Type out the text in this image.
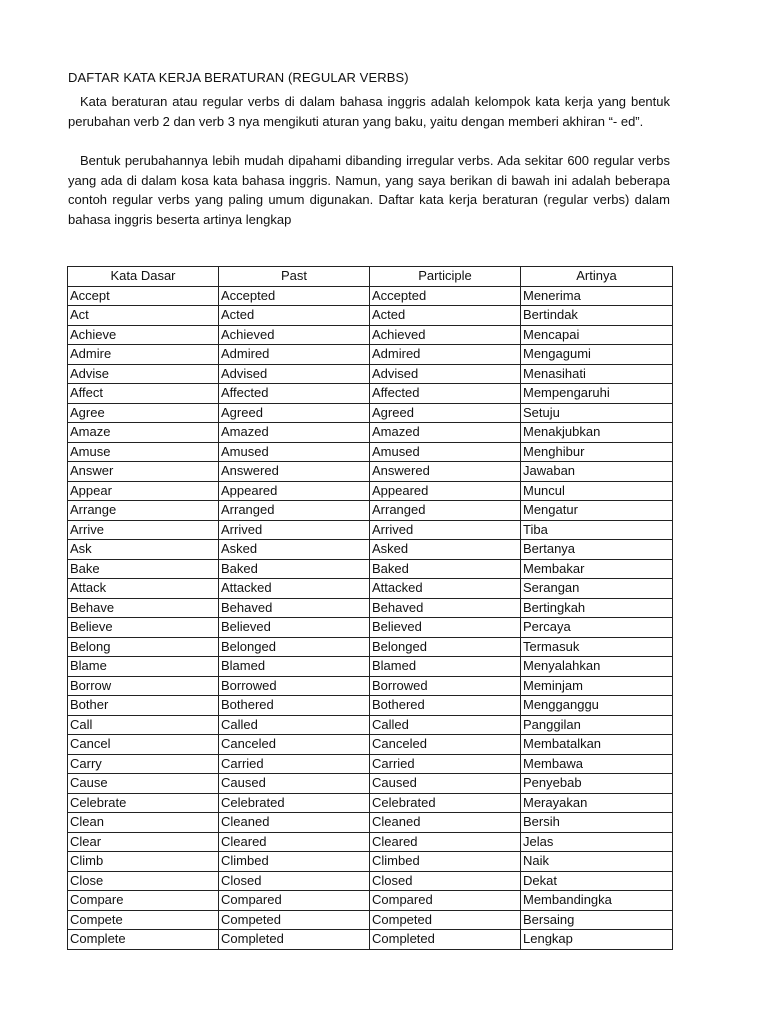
DAFTAR KATA KERJA BERATURAN (REGULAR VERBS)

Kata beraturan atau regular verbs di dalam bahasa inggris adalah kelompok kata kerja yang bentuk perubahan verb 2 dan verb 3 nya mengikuti aturan yang baku, yaitu dengan memberi akhiran “- ed”.

Bentuk perubahannya lebih mudah dipahami dibanding irregular verbs. Ada sekitar 600 regular verbs yang ada di dalam kosa kata bahasa inggris. Namun, yang saya berikan di bawah ini adalah beberapa contoh regular verbs yang paling umum digunakan. Daftar kata kerja beraturan (regular verbs) dalam bahasa inggris beserta artinya lengkap

Kata Dasar	Past	Participle	Artinya
Accept	Accepted	Accepted	Menerima
Act	Acted	Acted	Bertindak
Achieve	Achieved	Achieved	Mencapai
Admire	Admired	Admired	Mengagumi
Advise	Advised	Advised	Menasihati
Affect	Affected	Affected	Mempengaruhi
Agree	Agreed	Agreed	Setuju
Amaze	Amazed	Amazed	Menakjubkan
Amuse	Amused	Amused	Menghibur
Answer	Answered	Answered	Jawaban
Appear	Appeared	Appeared	Muncul
Arrange	Arranged	Arranged	Mengatur
Arrive	Arrived	Arrived	Tiba
Ask	Asked	Asked	Bertanya
Bake	Baked	Baked	Membakar
Attack	Attacked	Attacked	Serangan
Behave	Behaved	Behaved	Bertingkah
Believe	Believed	Believed	Percaya
Belong	Belonged	Belonged	Termasuk
Blame	Blamed	Blamed	Menyalahkan
Borrow	Borrowed	Borrowed	Meminjam
Bother	Bothered	Bothered	Mengganggu
Call	Called	Called	Panggilan
Cancel	Canceled	Canceled	Membatalkan
Carry	Carried	Carried	Membawa
Cause	Caused	Caused	Penyebab
Celebrate	Celebrated	Celebrated	Merayakan
Clean	Cleaned	Cleaned	Bersih
Clear	Cleared	Cleared	Jelas
Climb	Climbed	Climbed	Naik
Close	Closed	Closed	Dekat
Compare	Compared	Compared	Membandingka
Compete	Competed	Competed	Bersaing
Complete	Completed	Completed	Lengkap
